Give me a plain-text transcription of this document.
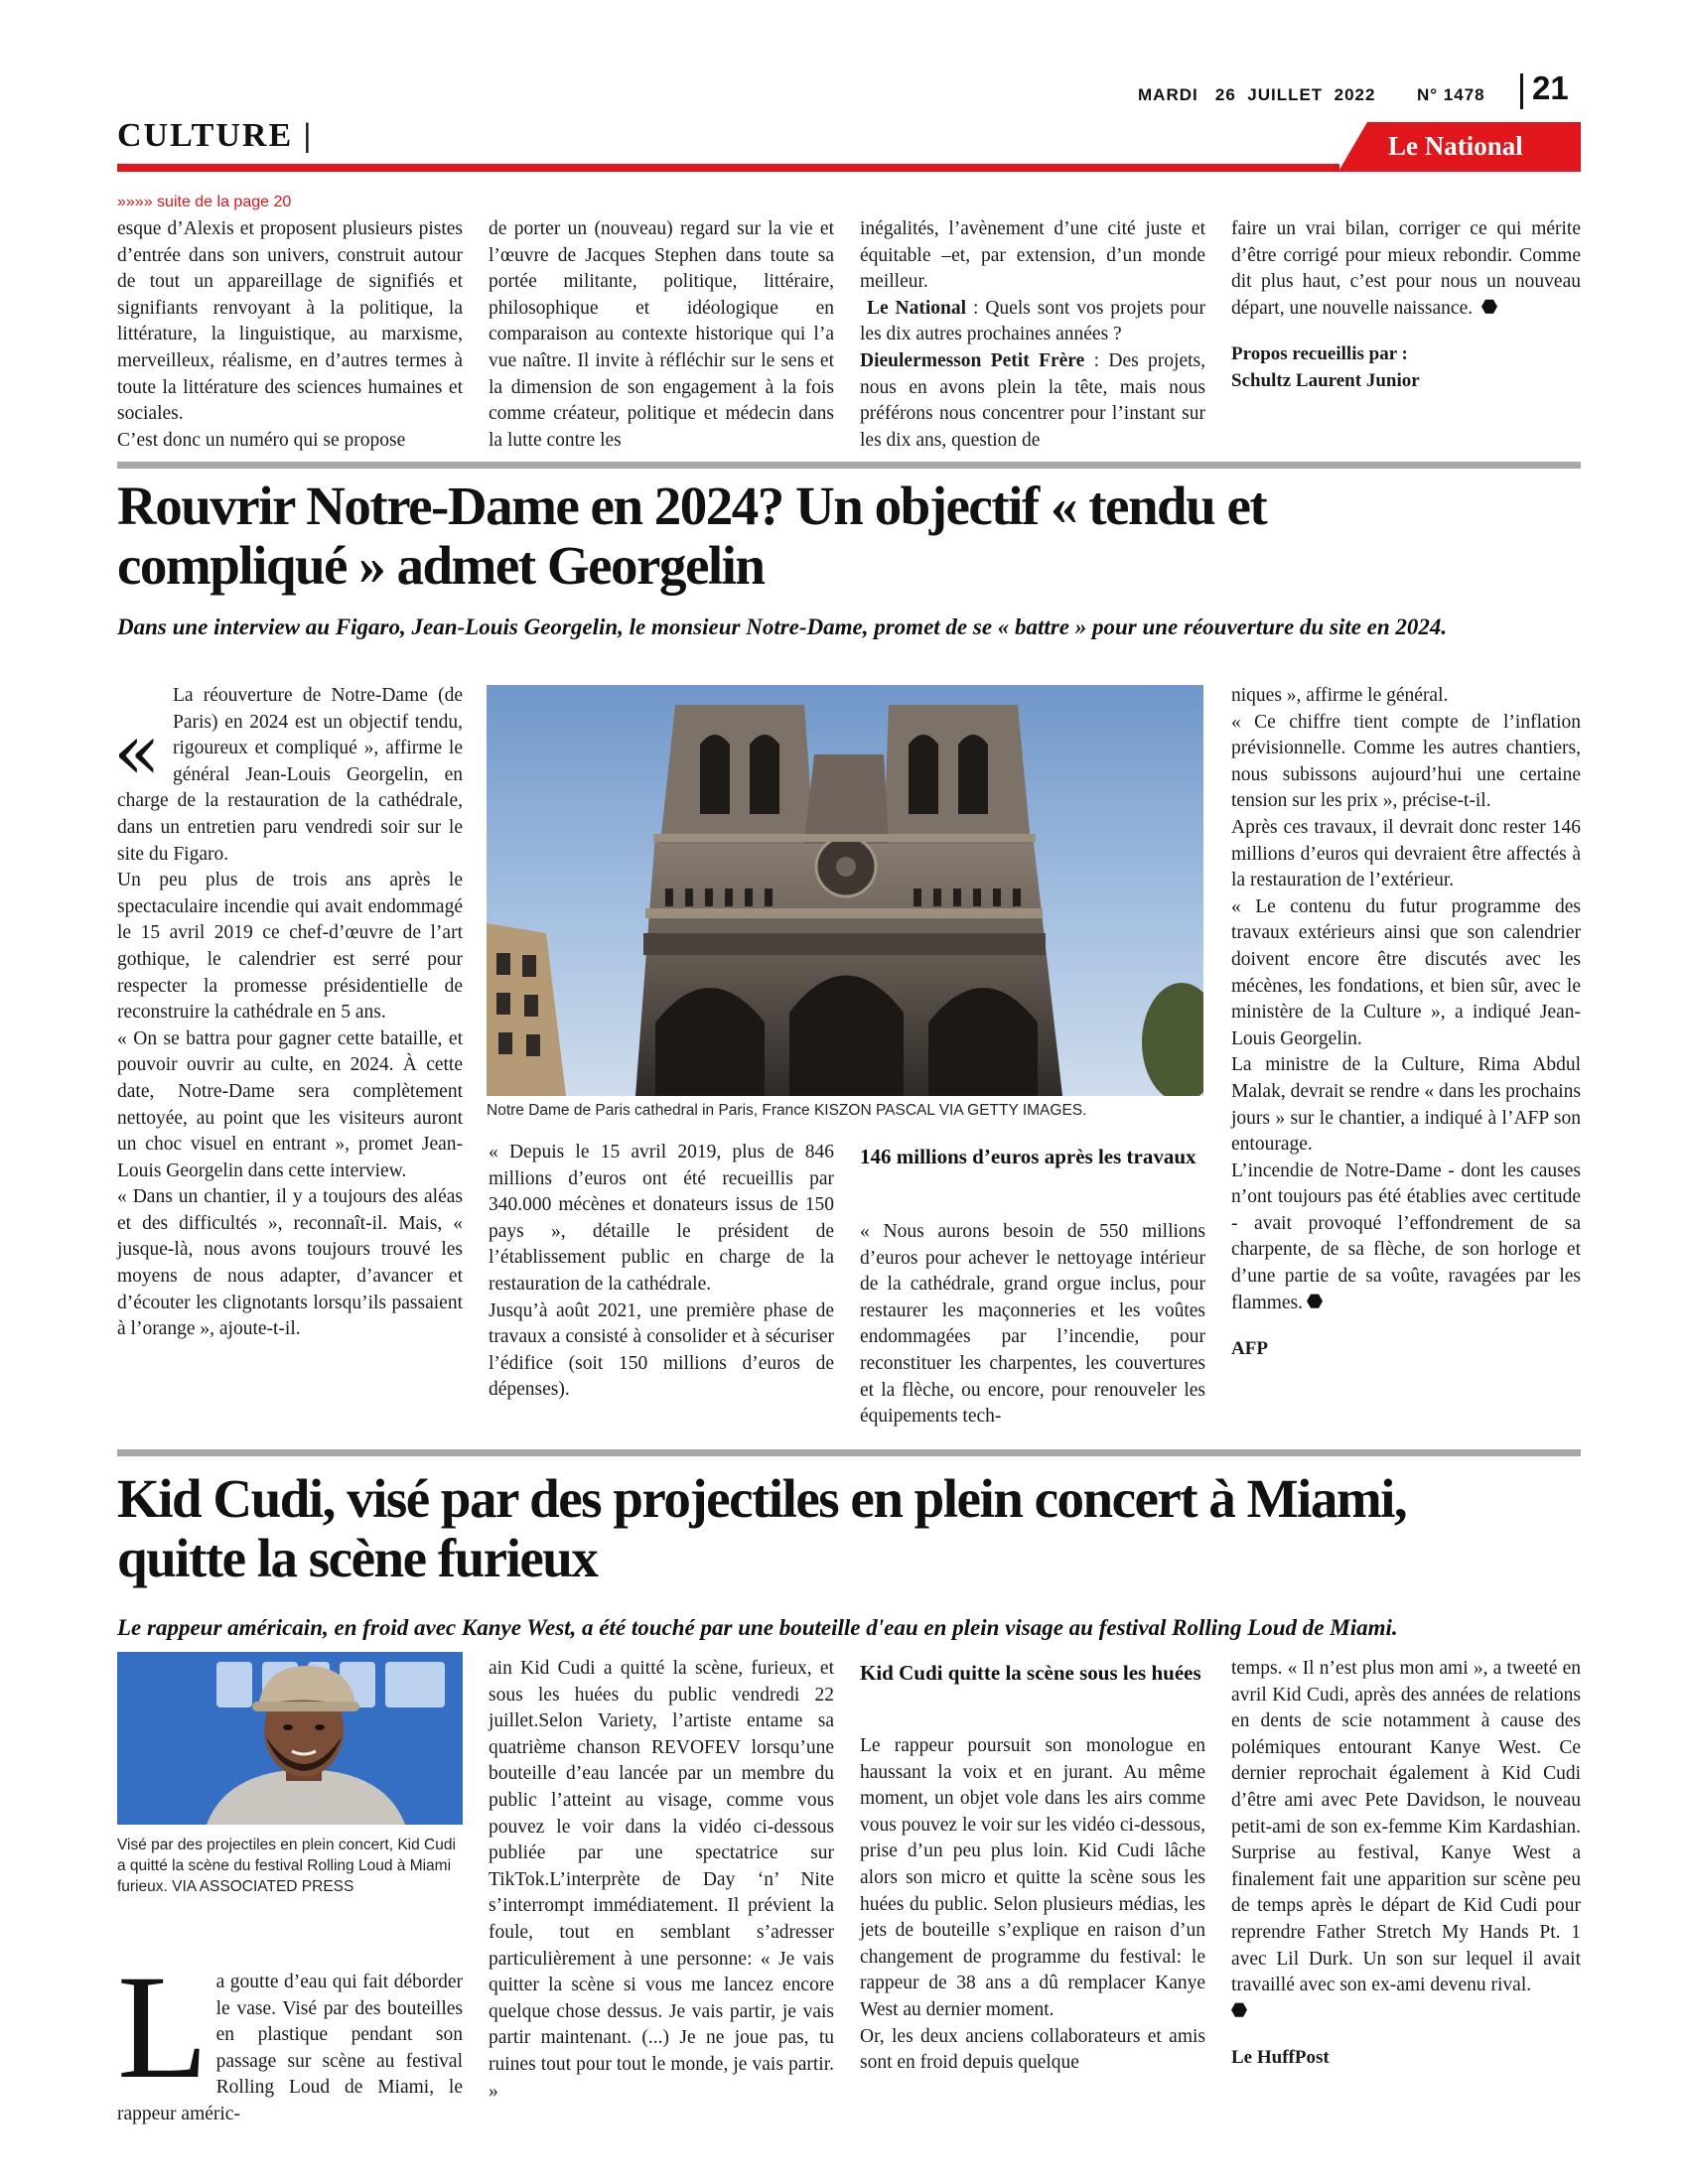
MARDI   26  JUILLET  2022 N° 1478 21
CULTURE |	Le National
»»»» suite de la page 20

esque d’Alexis et proposent plusieurs pistes d’entrée dans son univers, construit autour de tout un appareillage de signifiés et signifiants renvoyant à la politique, la littérature, la linguistique, au marxisme, merveilleux, réalisme, en d’autres termes à toute la littérature des sciences humaines et sociales.

C’est donc un numéro qui se propose

de porter un (nouveau) regard sur la vie et l’œuvre de Jacques Stephen dans toute sa portée militante, politique, littéraire, philosophique et idéologique en comparaison au contexte historique qui l’a vue naître. Il invite à réfléchir sur le sens et la dimension de son engagement à la fois comme créateur, politique et médecin dans la lutte contre les

inégalités, l’avènement d’une cité juste et équitable –et, par extension, d’un monde meilleur.

Le National : Quels sont vos projets pour les dix autres prochaines années ?

Dieulermesson Petit Frère : Des projets, nous en avons plein la tête, mais nous préférons nous concentrer pour l’instant sur les dix ans, question de

faire un vrai bilan, corriger ce qui mérite d’être corrigé pour mieux rebondir. Comme dit plus haut, c’est pour nous un nouveau départ, une nouvelle naissance.

Propos recueillis par :
Schultz Laurent Junior

Rouvrir Notre-Dame en 2024? Un objectif « tendu et
compliqué » admet Georgelin
Dans une interview au Figaro, Jean-Louis Georgelin, le monsieur Notre-Dame, promet de se « battre » pour une réouverture du site en 2024.
«

La réouverture de Notre-Dame (de Paris) en 2024 est un objectif tendu, rigoureux et compliqué », affirme le général Jean-Louis Georgelin, en charge de la restauration de la cathédrale, dans un entretien paru vendredi soir sur le site du Figaro.

Un peu plus de trois ans après le spectaculaire incendie qui avait endommagé le 15 avril 2019 ce chef-d’œuvre de l’art gothique, le calendrier est serré pour respecter la promesse présidentielle de reconstruire la cathédrale en 5 ans.

« On se battra pour gagner cette bataille, et pouvoir ouvrir au culte, en 2024. À cette date, Notre-Dame sera complètement nettoyée, au point que les visiteurs auront un choc visuel en entrant », promet Jean-Louis Georgelin dans cette interview.

« Dans un chantier, il y a toujours des aléas et des difficultés », reconnaît-il. Mais, « jusque-là, nous avons toujours trouvé les moyens de nous adapter, d’avancer et d’écouter les clignotants lorsqu’ils passaient à l’orange », ajoute-t-il.

Notre Dame de Paris cathedral in Paris, France KISZON PASCAL VIA GETTY IMAGES.

« Depuis le 15 avril 2019, plus de 846 millions d’euros ont été recueillis par 340.000 mécènes et donateurs issus de 150 pays », détaille le président de l’établissement public en charge de la restauration de la cathédrale.

Jusqu’à août 2021, une première phase de travaux a consisté à consolider et à sécuriser l’édifice (soit 150 millions d’euros de dépenses).

146 millions d’euros après les travaux

« Nous aurons besoin de 550 millions d’euros pour achever le nettoyage intérieur de la cathédrale, grand orgue inclus, pour restaurer les maçonneries et les voûtes endommagées par l’incendie, pour reconstituer les charpentes, les couvertures et la flèche, ou encore, pour renouveler les équipements tech-

niques », affirme le général.

« Ce chiffre tient compte de l’inflation prévisionnelle. Comme les autres chantiers, nous subissons aujourd’hui une certaine tension sur les prix », précise-t-il.

Après ces travaux, il devrait donc rester 146 millions d’euros qui devraient être affectés à la restauration de l’extérieur.

« Le contenu du futur programme des travaux extérieurs ainsi que son calendrier doivent encore être discutés avec les mécènes, les fondations, et bien sûr, avec le ministère de la Culture », a indiqué Jean-Louis Georgelin.

La ministre de la Culture, Rima Abdul Malak, devrait se rendre « dans les prochains jours » sur le chantier, a indiqué à l’AFP son entourage.

L’incendie de Notre-Dame - dont les causes n’ont toujours pas été établies avec certitude - avait provoqué l’effondrement de sa charpente, de sa flèche, de son horloge et d’une partie de sa voûte, ravagées par les flammes.

AFP

Kid Cudi, visé par des projectiles en plein concert à Miami,
quitte la scène furieux
Le rappeur américain, en froid avec Kanye West, a été touché par une bouteille d'eau en plein visage au festival Rolling Loud de Miami.
Visé par des projectiles en plein concert, Kid Cudi a quitté la scène du festival Rolling Loud à Miami furieux. VIA ASSOCIATED PRESS

La goutte d’eau qui fait déborder le vase. Visé par des bouteilles en plastique pendant son passage sur scène au festival Rolling Loud de Miami, le rappeur améric-

ain Kid Cudi a quitté la scène, furieux, et sous les huées du public vendredi 22 juillet.Selon Variety, l’artiste entame sa quatrième chanson REVOFEV lorsqu’une bouteille d’eau lancée par un membre du public l’atteint au visage, comme vous pouvez le voir dans la vidéo ci-dessous publiée par une spectatrice sur TikTok.L’interprète de Day ‘n’ Nite s’interrompt immédiatement. Il prévient la foule, tout en semblant s’adresser particulièrement à une personne: « Je vais quitter la scène si vous me lancez encore quelque chose dessus. Je vais partir, je vais partir maintenant. (...) Je ne joue pas, tu ruines tout pour tout le monde, je vais partir. »

Kid Cudi quitte la scène sous les huées

Le rappeur poursuit son monologue en haussant la voix et en jurant. Au même moment, un objet vole dans les airs comme vous pouvez le voir sur les vidéo ci-dessous, prise d’un peu plus loin. Kid Cudi lâche alors son micro et quitte la scène sous les huées du public. Selon plusieurs médias, les jets de bouteille s’explique en raison d’un changement de programme du festival: le rappeur de 38 ans a dû remplacer Kanye West au dernier moment.

Or, les deux anciens collaborateurs et amis sont en froid depuis quelque

temps. « Il n’est plus mon ami », a tweeté en avril Kid Cudi, après des années de relations en dents de scie notamment à cause des polémiques entourant Kanye West. Ce dernier reprochait également à Kid Cudi d’être ami avec Pete Davidson, le nouveau petit-ami de son ex-femme Kim Kardashian. Surprise au festival, Kanye West a finalement fait une apparition sur scène peu de temps après le départ de Kid Cudi pour reprendre Father Stretch My Hands Pt. 1 avec Lil Durk. Un son sur lequel il avait travaillé avec son ex-ami devenu rival.

Le HuffPost
